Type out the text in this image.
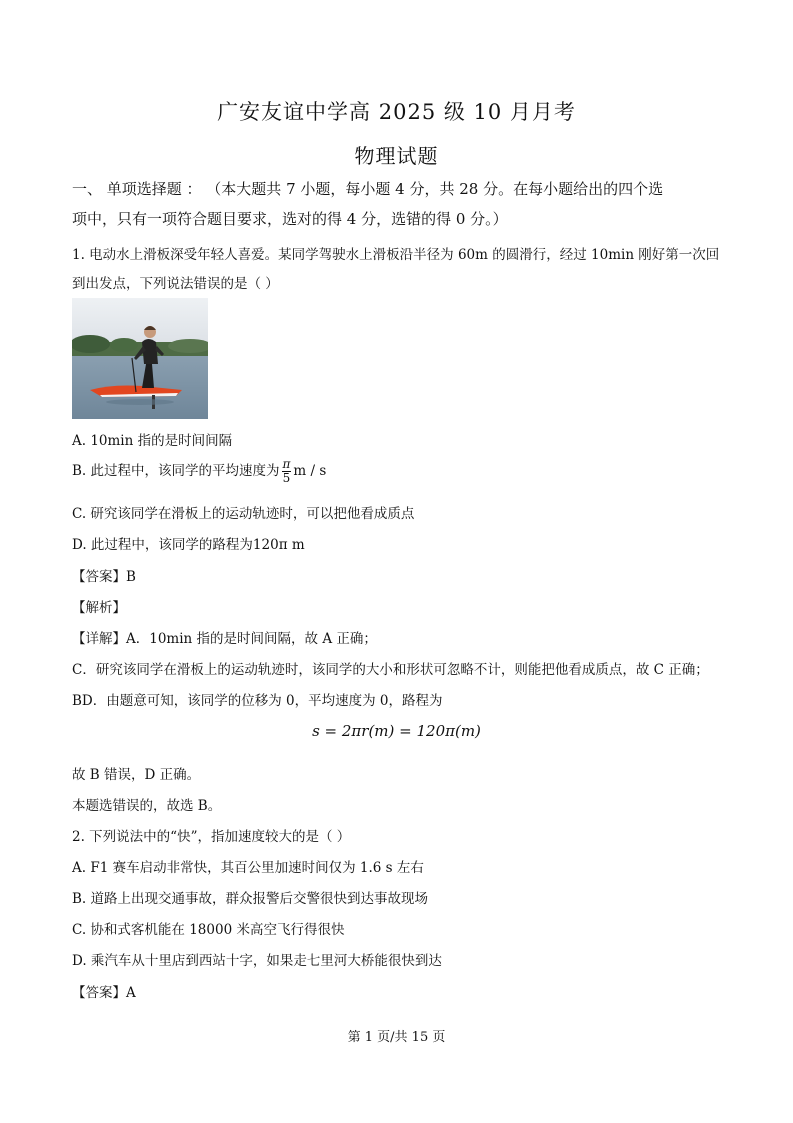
广安友谊中学高 2025 级 10 月月考
物理试题
一、 单项选择题 ： （本大题共 7 小题，每小题 4 分，共 28 分。在每小题给出的四个选
项中，只有一项符合题目要求，选对的得 4 分，选错的得 0 分。）
1. 电动水上滑板深受年轻人喜爱。某同学驾驶水上滑板沿半径为 60m 的圆滑行，经过 10min 刚好第一次回
到出发点，下列说法错误的是（ ）
A. 10min 指的是时间间隔
B. 此过程中，该同学的平均速度为 $\frac{\pi}{5}$ m / s
C. 研究该同学在滑板上的运动轨迹时，可以把他看成质点
D. 此过程中，该同学的路程为120π m
【答案】B
【解析】
【详解】A．10min 指的是时间间隔，故 A 正确；
C．研究该同学在滑板上的运动轨迹时，该同学的大小和形状可忽略不计，则能把他看成质点，故 C 正确；
BD．由题意可知，该同学的位移为 0，平均速度为 0，路程为
s = 2πr(m) = 120π(m)
故 B 错误，D 正确。
本题选错误的，故选 B。
2. 下列说法中的“快”，指加速度较大的是（ ）
A. F1 赛车启动非常快，其百公里加速时间仅为 1.6 s 左右
B. 道路上出现交通事故，群众报警后交警很快到达事故现场
C. 协和式客机能在 18000 米高空飞行得很快
D. 乘汽车从十里店到西站十字，如果走七里河大桥能很快到达
【答案】A
第 1 页/共 15 页
